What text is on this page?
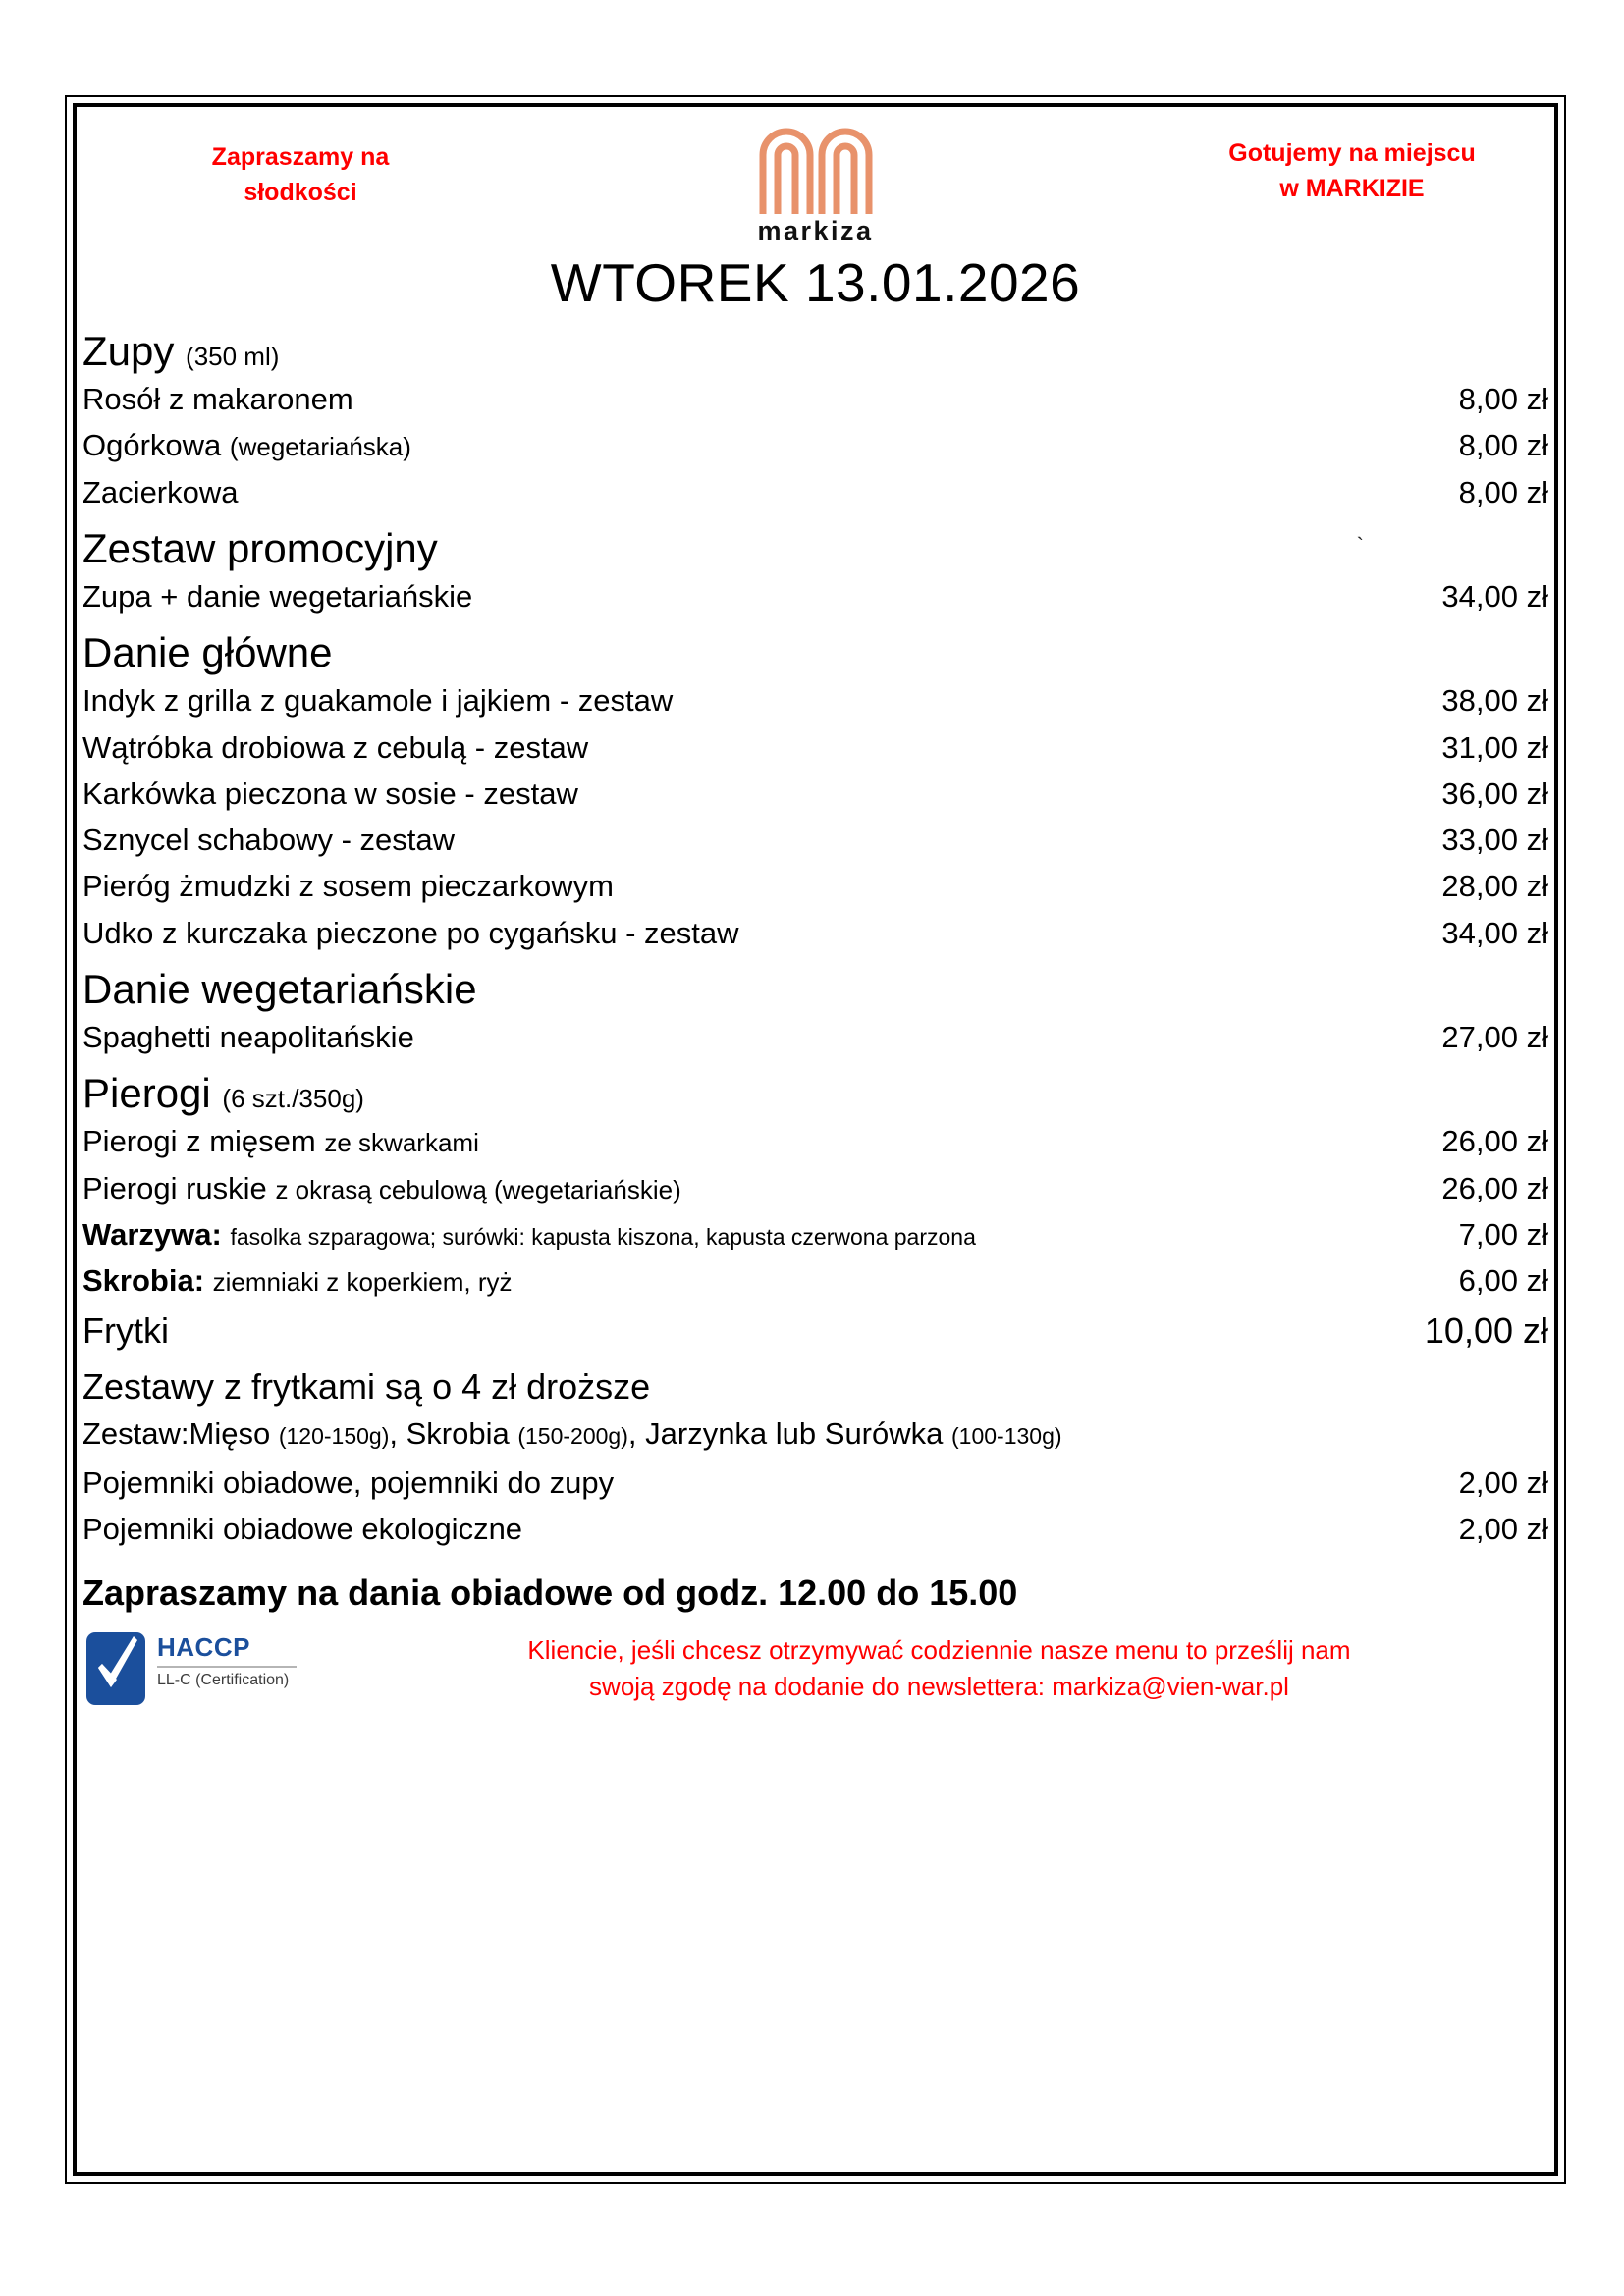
Zapraszamy na
słodkości
markiza
Gotujemy na miejscu
w MARKIZIE
WTOREK 13.01.2026
Zupy (350 ml)
Rosół z makaronem	8,00 zł
Ogórkowa (wegetariańska)	8,00 zł
Zacierkowa	8,00 zł
Zestaw promocyjny	`
Zupa + danie wegetariańskie	34,00 zł
Danie główne
Indyk z grilla z guakamole i jajkiem - zestaw	38,00 zł
Wątróbka drobiowa z cebulą - zestaw	31,00 zł
Karkówka pieczona w sosie - zestaw	36,00 zł
Sznycel schabowy - zestaw	33,00 zł
Pieróg żmudzki z sosem pieczarkowym	28,00 zł
Udko z kurczaka pieczone po cygańsku - zestaw	34,00 zł
Danie wegetariańskie
Spaghetti neapolitańskie	27,00 zł
Pierogi (6 szt./350g)
Pierogi z mięsem ze skwarkami	26,00 zł
Pierogi ruskie z okrasą cebulową (wegetariańskie)	26,00 zł
Warzywa: fasolka szparagowa; surówki: kapusta kiszona, kapusta czerwona parzona	7,00 zł
Skrobia: ziemniaki z koperkiem, ryż	6,00 zł
Frytki	10,00 zł
Zestawy z frytkami są o 4 zł droższe
Zestaw:Mięso (120-150g), Skrobia (150-200g), Jarzynka lub Surówka (100-130g)
Pojemniki obiadowe, pojemniki do zupy	2,00 zł
Pojemniki obiadowe ekologiczne	2,00 zł
Zapraszamy na dania obiadowe od godz. 12.00 do 15.00
HACCP
LL-C (Certification)
Kliencie, jeśli chcesz otrzymywać codziennie nasze menu to prześlij nam
swoją zgodę na dodanie do newslettera: markiza@vien-war.pl
